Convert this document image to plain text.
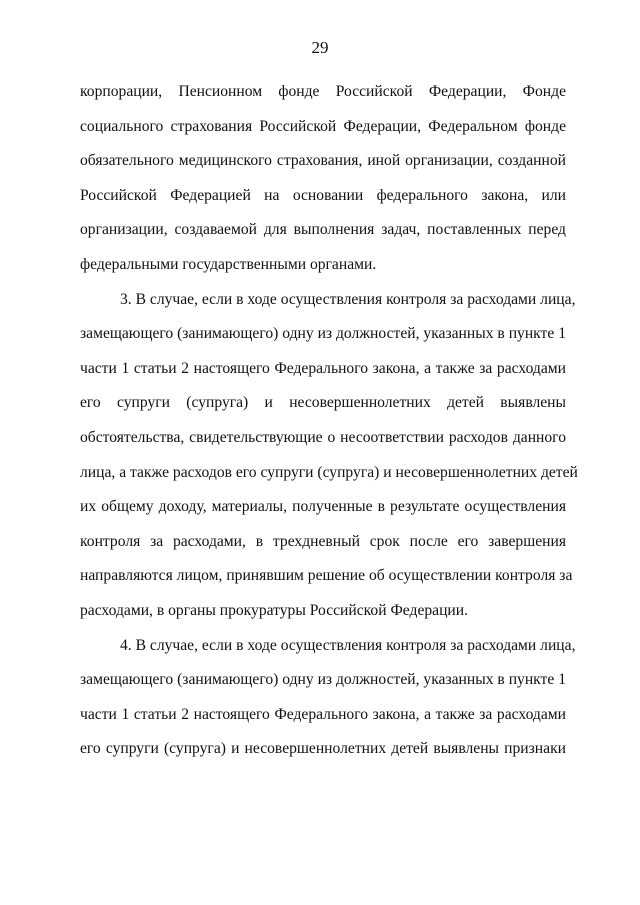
29
корпорации, Пенсионном фонде Российской Федерации, Фонде
социального страхования Российской Федерации, Федеральном фонде
обязательного медицинского страхования, иной организации, созданной
Российской Федерацией на основании федерального закона, или
организации, создаваемой для выполнения задач, поставленных перед
федеральными государственными органами.
3. В случае, если в ходе осуществления контроля за расходами лица,
замещающего (занимающего) одну из должностей, указанных в пункте 1
части 1 статьи 2 настоящего Федерального закона, а также за расходами
его супруги (супруга) и несовершеннолетних детей выявлены
обстоятельства, свидетельствующие о несоответствии расходов данного
лица, а также расходов его супруги (супруга) и несовершеннолетних детей
их общему доходу, материалы, полученные в результате осуществления
контроля за расходами, в трехдневный срок после его завершения
направляются лицом, принявшим решение об осуществлении контроля за
расходами, в органы прокуратуры Российской Федерации.
4. В случае, если в ходе осуществления контроля за расходами лица,
замещающего (занимающего) одну из должностей, указанных в пункте 1
части 1 статьи 2 настоящего Федерального закона, а также за расходами
его супруги (супруга) и несовершеннолетних детей выявлены признаки
